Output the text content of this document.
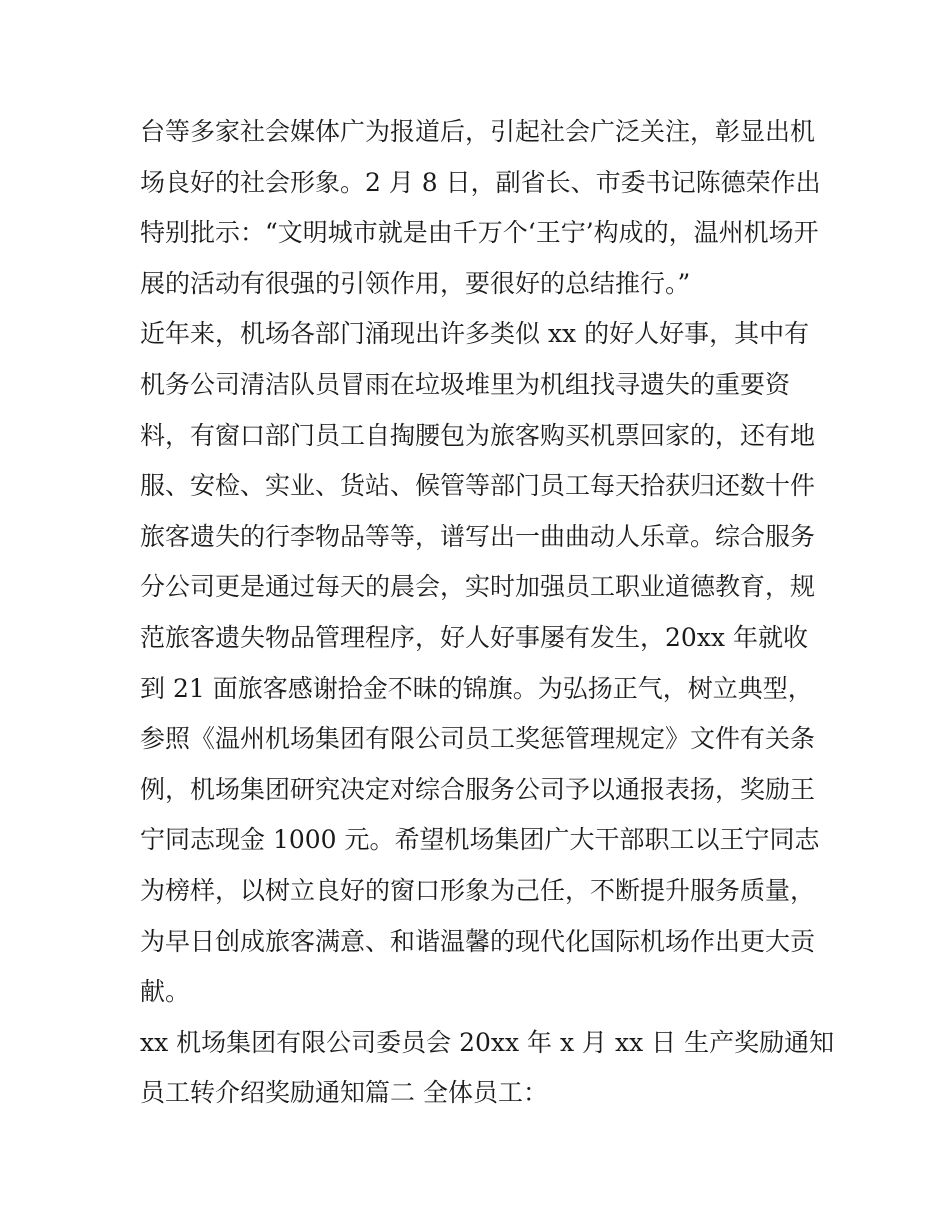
台等多家社会媒体广为报道后，引起社会广泛关注，彰显出机
场良好的社会形象。2 月 8 日，副省长、市委书记陈德荣作出
特别批示：“文明城市就是由千万个‘王宁’构成的，温州机场开
展的活动有很强的引领作用，要很好的总结推行。”
近年来，机场各部门涌现出许多类似 xx 的好人好事，其中有
机务公司清洁队员冒雨在垃圾堆里为机组找寻遗失的重要资
料，有窗口部门员工自掏腰包为旅客购买机票回家的，还有地
服、安检、实业、货站、候管等部门员工每天拾获归还数十件
旅客遗失的行李物品等等，谱写出一曲曲动人乐章。综合服务
分公司更是通过每天的晨会，实时加强员工职业道德教育，规
范旅客遗失物品管理程序，好人好事屡有发生，20xx 年就收
到 21 面旅客感谢拾金不昧的锦旗。为弘扬正气，树立典型，
参照《温州机场集团有限公司员工奖惩管理规定》文件有关条
例，机场集团研究决定对综合服务公司予以通报表扬，奖励王
宁同志现金 1000 元。希望机场集团广大干部职工以王宁同志
为榜样，以树立良好的窗口形象为己任，不断提升服务质量，
为早日创成旅客满意、和谐温馨的现代化国际机场作出更大贡
献。
xx 机场集团有限公司委员会 20xx 年 x 月 xx 日 生产奖励通知
员工转介绍奖励通知篇二 全体员工：
